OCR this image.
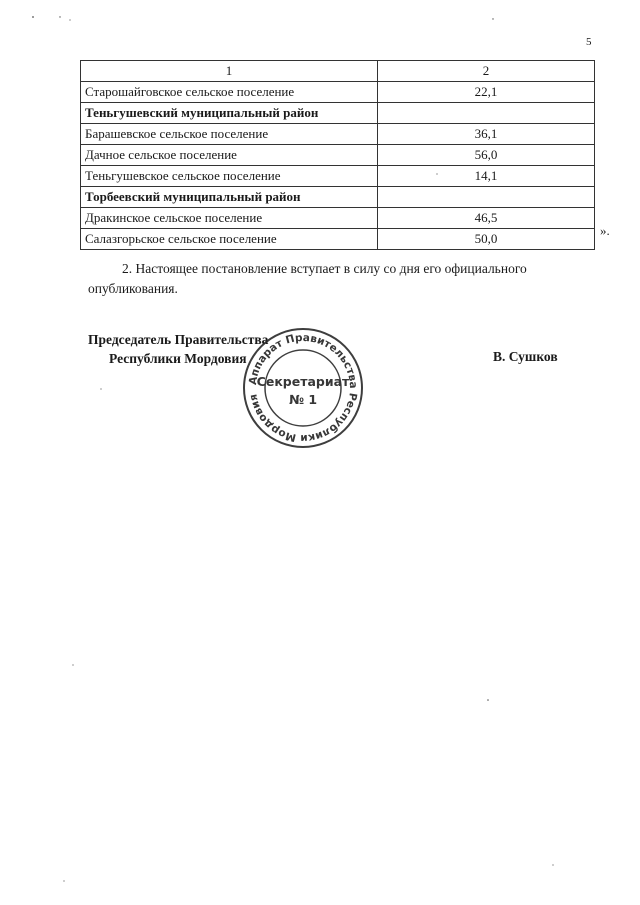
5
1	2
Старошайговское сельское поселение	22,1
Теньгушевский муниципальный район	
Барашевское сельское поселение	36,1
Дачное сельское поселение	56,0
Теньгушевское сельское поселение	14,1
Торбеевский муниципальный район	
Дракинское сельское поселение	46,5
Салазгорьское сельское поселение	50,0
».
2. Настоящее постановление вступает в силу со дня его официального опубликования.
Председатель Правительства
Республики Мордовия	В. Сушков
Аппарат Правительства Республики Мордовия
Секретариат
№ 1
